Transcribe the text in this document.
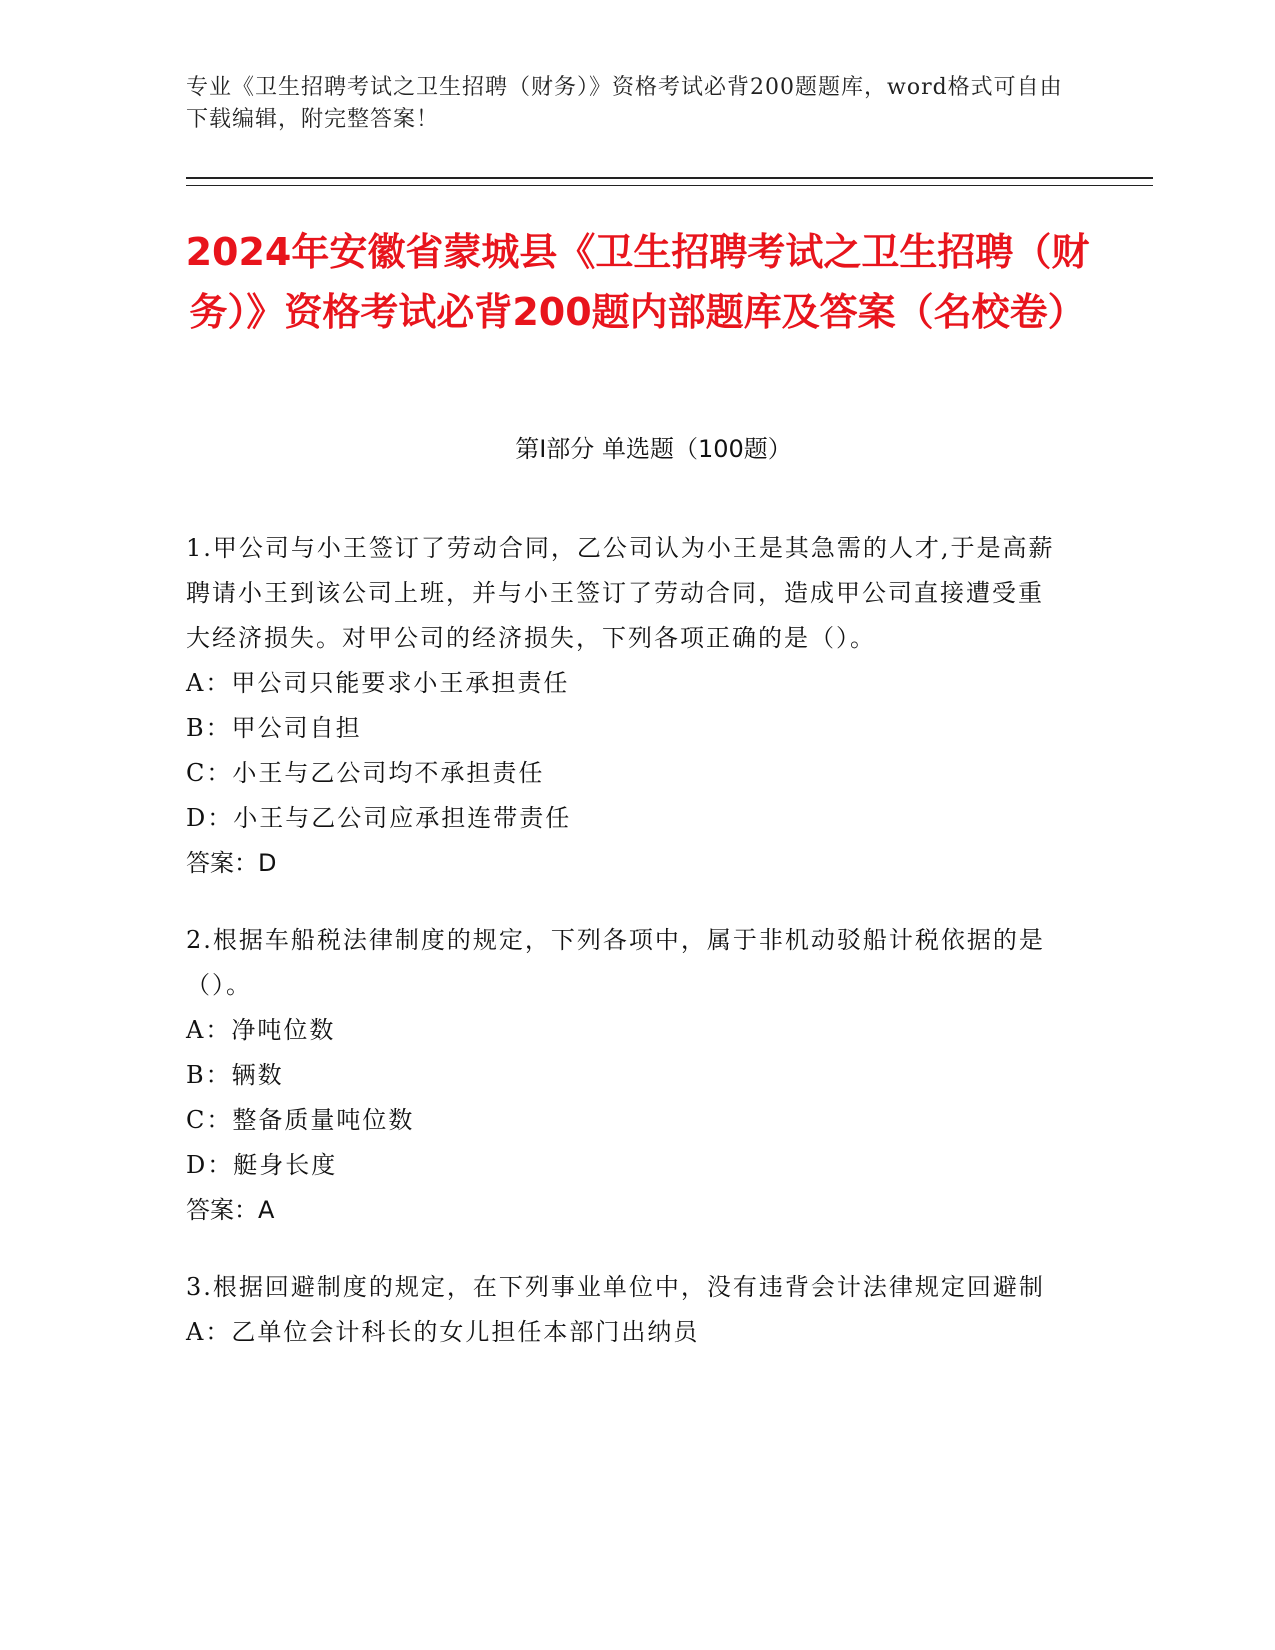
专业《卫生招聘考试之卫生招聘（财务）》资格考试必背200题题库，word格式可自由下载编辑，附完整答案！
2024年安徽省蒙城县《卫生招聘考试之卫生招聘（财务）》资格考试必背200题内部题库及答案（名校卷）
第Ⅰ部分 单选题（100题）

1.甲公司与小王签订了劳动合同，乙公司认为小王是其急需的人才,于是高薪聘请小王到该公司上班，并与小王签订了劳动合同，造成甲公司直接遭受重大经济损失。对甲公司的经济损失，下列各项正确的是（）。

A：甲公司只能要求小王承担责任

B：甲公司自担

C：小王与乙公司均不承担责任

D：小王与乙公司应承担连带责任

答案：D

2.根据车船税法律制度的规定，下列各项中，属于非机动驳船计税依据的是（）。

A：净吨位数

B：辆数

C：整备质量吨位数

D：艇身长度

答案：A

3.根据回避制度的规定，在下列事业单位中，没有违背会计法律规定回避制

A：乙单位会计科长的女儿担任本部门出纳员
